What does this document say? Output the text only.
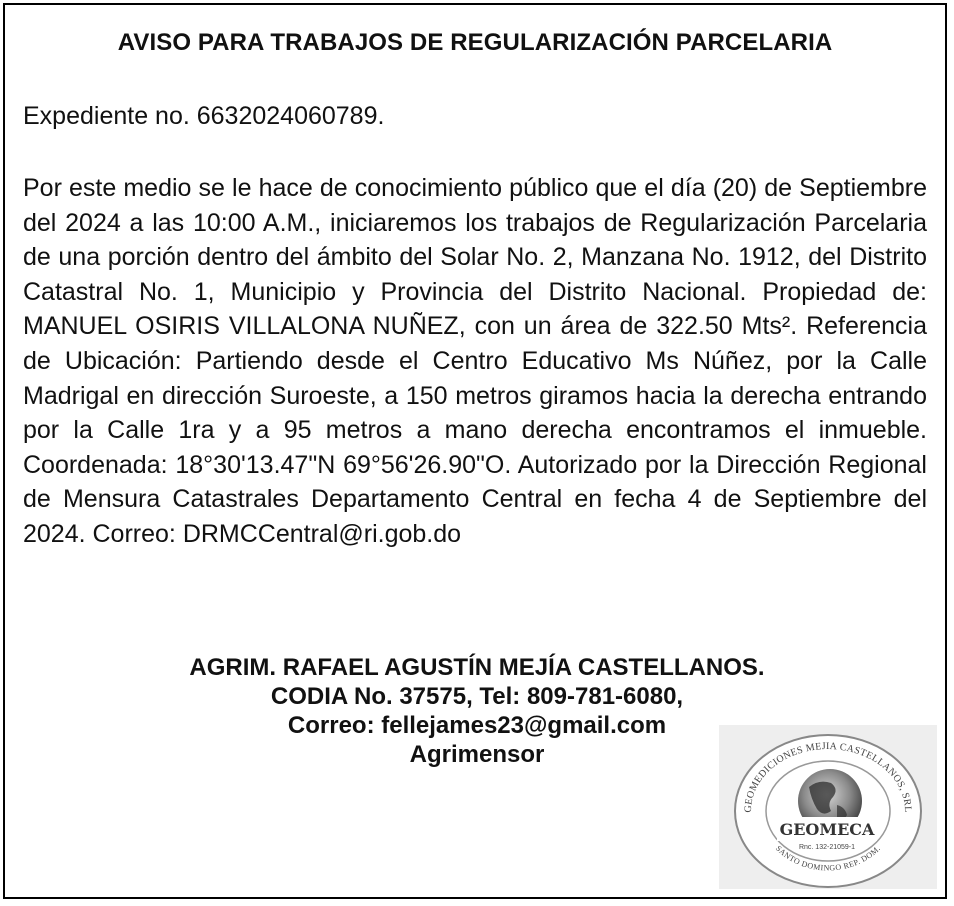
AVISO PARA TRABAJOS DE REGULARIZACIÓN PARCELARIA
Expediente no. 6632024060789.

Por este medio se le hace de conocimiento público que el día (20) de Septiembre del 2024 a las 10:00 A.M., iniciaremos los trabajos de Regularización Parcelaria de una porción dentro del ámbito del Solar No. 2, Manzana No. 1912, del Distrito Catastral No. 1, Municipio y Provincia del Distrito Nacional. Propiedad de: MANUEL OSIRIS VILLALONA NUÑEZ, con un área de 322.50 Mts². Referencia de Ubicación: Partiendo desde el Centro Educativo Ms Núñez, por la Calle Madrigal en dirección Suroeste, a 150 metros giramos hacia la derecha entrando por la Calle 1ra y a 95 metros a mano derecha encontramos el inmueble. Coordenada: 18°30'13.47"N 69°56'26.90"O. Autorizado por la Dirección Regional de Mensura Catastrales Departamento Central en fecha 4 de Septiembre del 2024. Correo: DRMCCentral@ri.gob.do

AGRIM. RAFAEL AGUSTÍN MEJÍA CASTELLANOS.
CODIA No. 37575, Tel: 809-781-6080,
Correo: fellejames23@gmail.com
Agrimensor
GEOMECA
Rnc. 132-21059-1
GEOMEDICIONES MEJIA CASTELLANOS, SRL
SANTO DOMINGO REP. DOM.
